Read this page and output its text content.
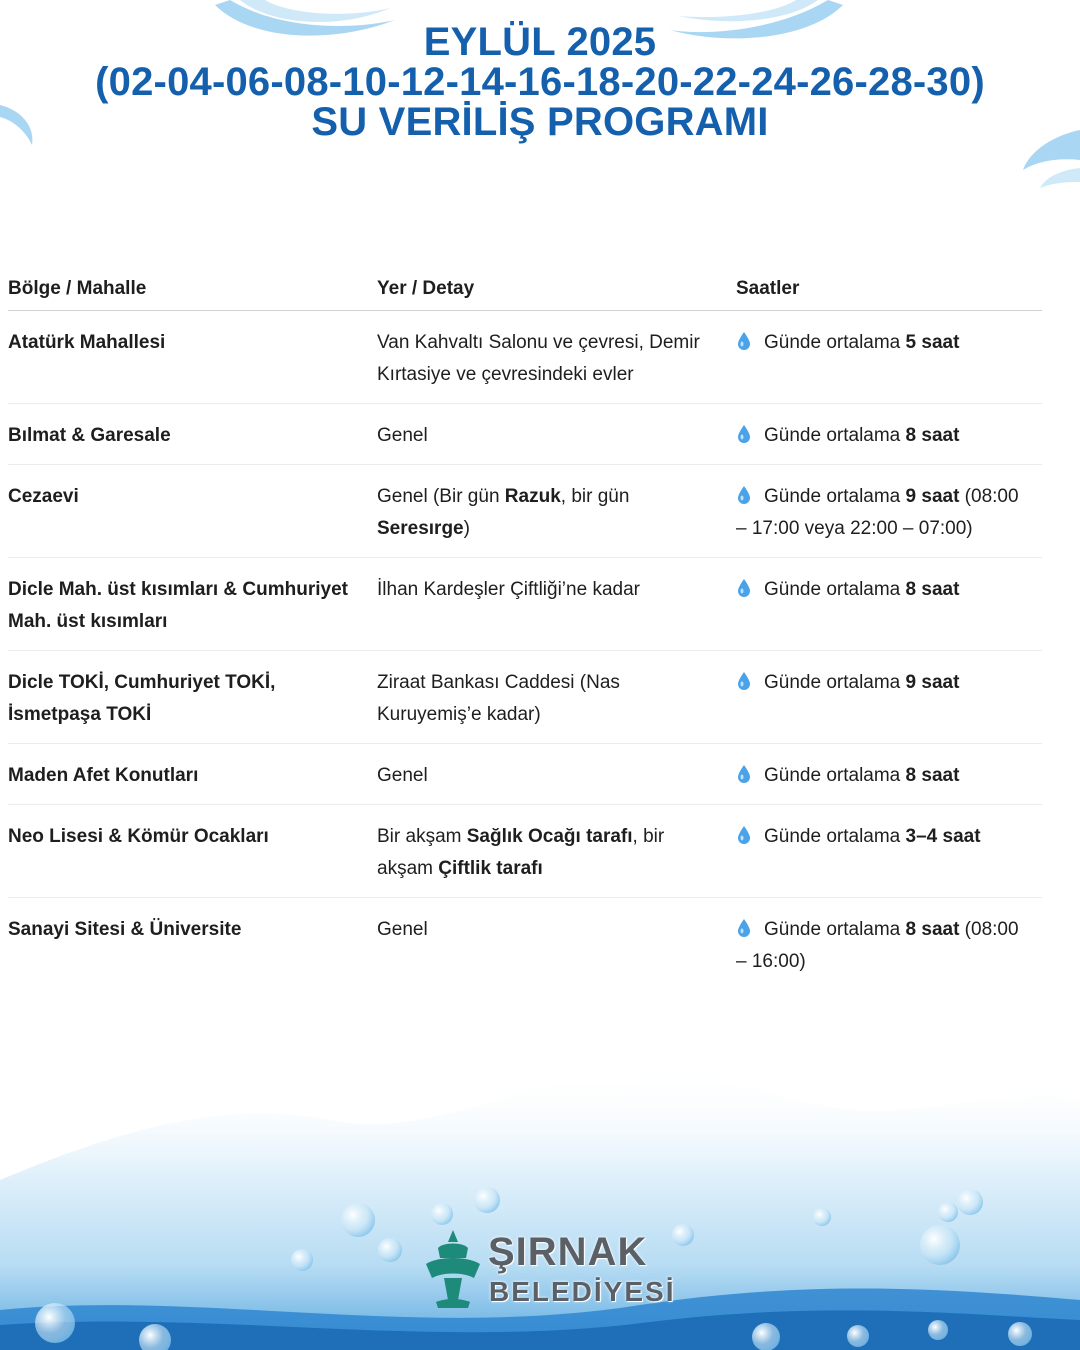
EYLÜL 2025
(02-04-06-08-10-12-14-16-18-20-22-24-26-28-30)
SU VERİLİŞ PROGRAMI
Bölge / Mahalle	Yer / Detay	Saatler
Atatürk Mahallesi	Van Kahvaltı Salonu ve çevresi, Demir Kırtasiye ve çevresindeki evler	Günde ortalama 5 saat
Bılmat & Garesale	Genel	Günde ortalama 8 saat
Cezaevi	Genel (Bir gün Razuk, bir gün Seresırge)	Günde ortalama 9 saat (08:00 – 17:00 veya 22:00 – 07:00)
Dicle Mah. üst kısımları & Cumhuriyet Mah. üst kısımları	İlhan Kardeşler Çiftliği’ne kadar	Günde ortalama 8 saat
Dicle TOKİ, Cumhuriyet TOKİ, İsmetpaşa TOKİ	Ziraat Bankası Caddesi (Nas Kuruyemiş’e kadar)	Günde ortalama 9 saat
Maden Afet Konutları	Genel	Günde ortalama 8 saat
Neo Lisesi & Kömür Ocakları	Bir akşam Sağlık Ocağı tarafı, bir akşam Çiftlik tarafı	Günde ortalama 3–4 saat
Sanayi Sitesi & Üniversite	Genel	Günde ortalama 8 saat (08:00 – 16:00)
ŞIRNAK
BELEDİYESİ
